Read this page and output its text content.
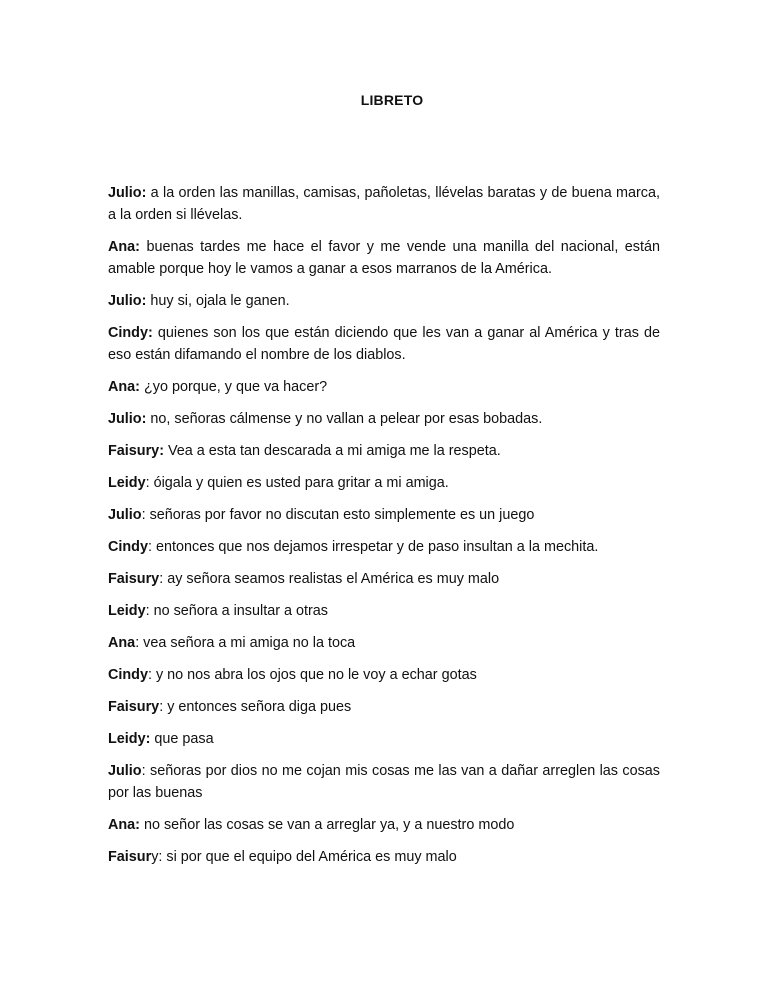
LIBRETO

Julio: a la orden las manillas, camisas, pañoletas, llévelas baratas y de buena marca, a la orden si llévelas.

Ana: buenas tardes me hace el favor y me vende una manilla del nacional, están amable porque hoy le vamos a ganar a esos marranos de la América.

Julio: huy si, ojala le ganen.

Cindy: quienes son los que están diciendo que les van a ganar al América y tras de eso están difamando el nombre de los diablos.

Ana: ¿yo porque, y que va hacer?

Julio: no, señoras cálmense y no vallan a pelear por esas bobadas.

Faisury: Vea a esta tan descarada a mi amiga me la respeta.

Leidy: óigala y quien es usted para gritar a mi amiga.

Julio: señoras por favor no discutan esto simplemente es un juego

Cindy: entonces que nos dejamos irrespetar y de paso insultan a la mechita.

Faisury: ay señora seamos realistas el América es muy malo

Leidy: no señora a insultar a otras

Ana: vea señora a mi amiga no la toca

Cindy: y no nos abra los ojos que no le voy a echar gotas

Faisury: y entonces señora diga pues

Leidy: que pasa

Julio: señoras por dios no me cojan mis cosas me las van a dañar arreglen las cosas por las buenas

Ana: no señor las cosas se van a arreglar ya, y a nuestro modo

Faisury: si por que el equipo del América es muy malo
